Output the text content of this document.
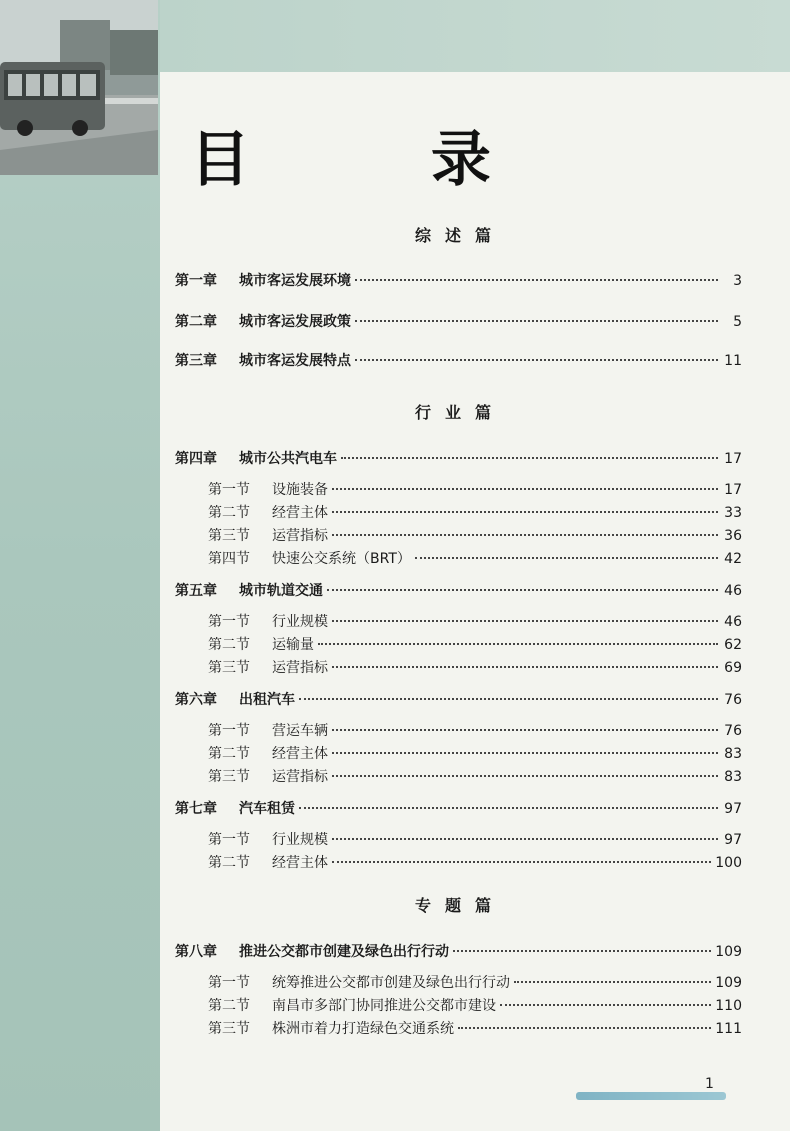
目 录
综述篇
第一章	城市客运发展环境	3
第二章	城市客运发展政策	5
第三章	城市客运发展特点	11
行业篇
第四章	城市公共汽电车	17
第一节	设施装备	17
第二节	经营主体	33
第三节	运营指标	36
第四节	快速公交系统（BRT）	42
第五章	城市轨道交通	46
第一节	行业规模	46
第二节	运输量	62
第三节	运营指标	69
第六章	出租汽车	76
第一节	营运车辆	76
第二节	经营主体	83
第三节	运营指标	83
第七章	汽车租赁	97
第一节	行业规模	97
第二节	经营主体	100
专题篇
第八章	推进公交都市创建及绿色出行行动	109
第一节	统筹推进公交都市创建及绿色出行行动	109
第二节	南昌市多部门协同推进公交都市建设	110
第三节	株洲市着力打造绿色交通系统	111
1
